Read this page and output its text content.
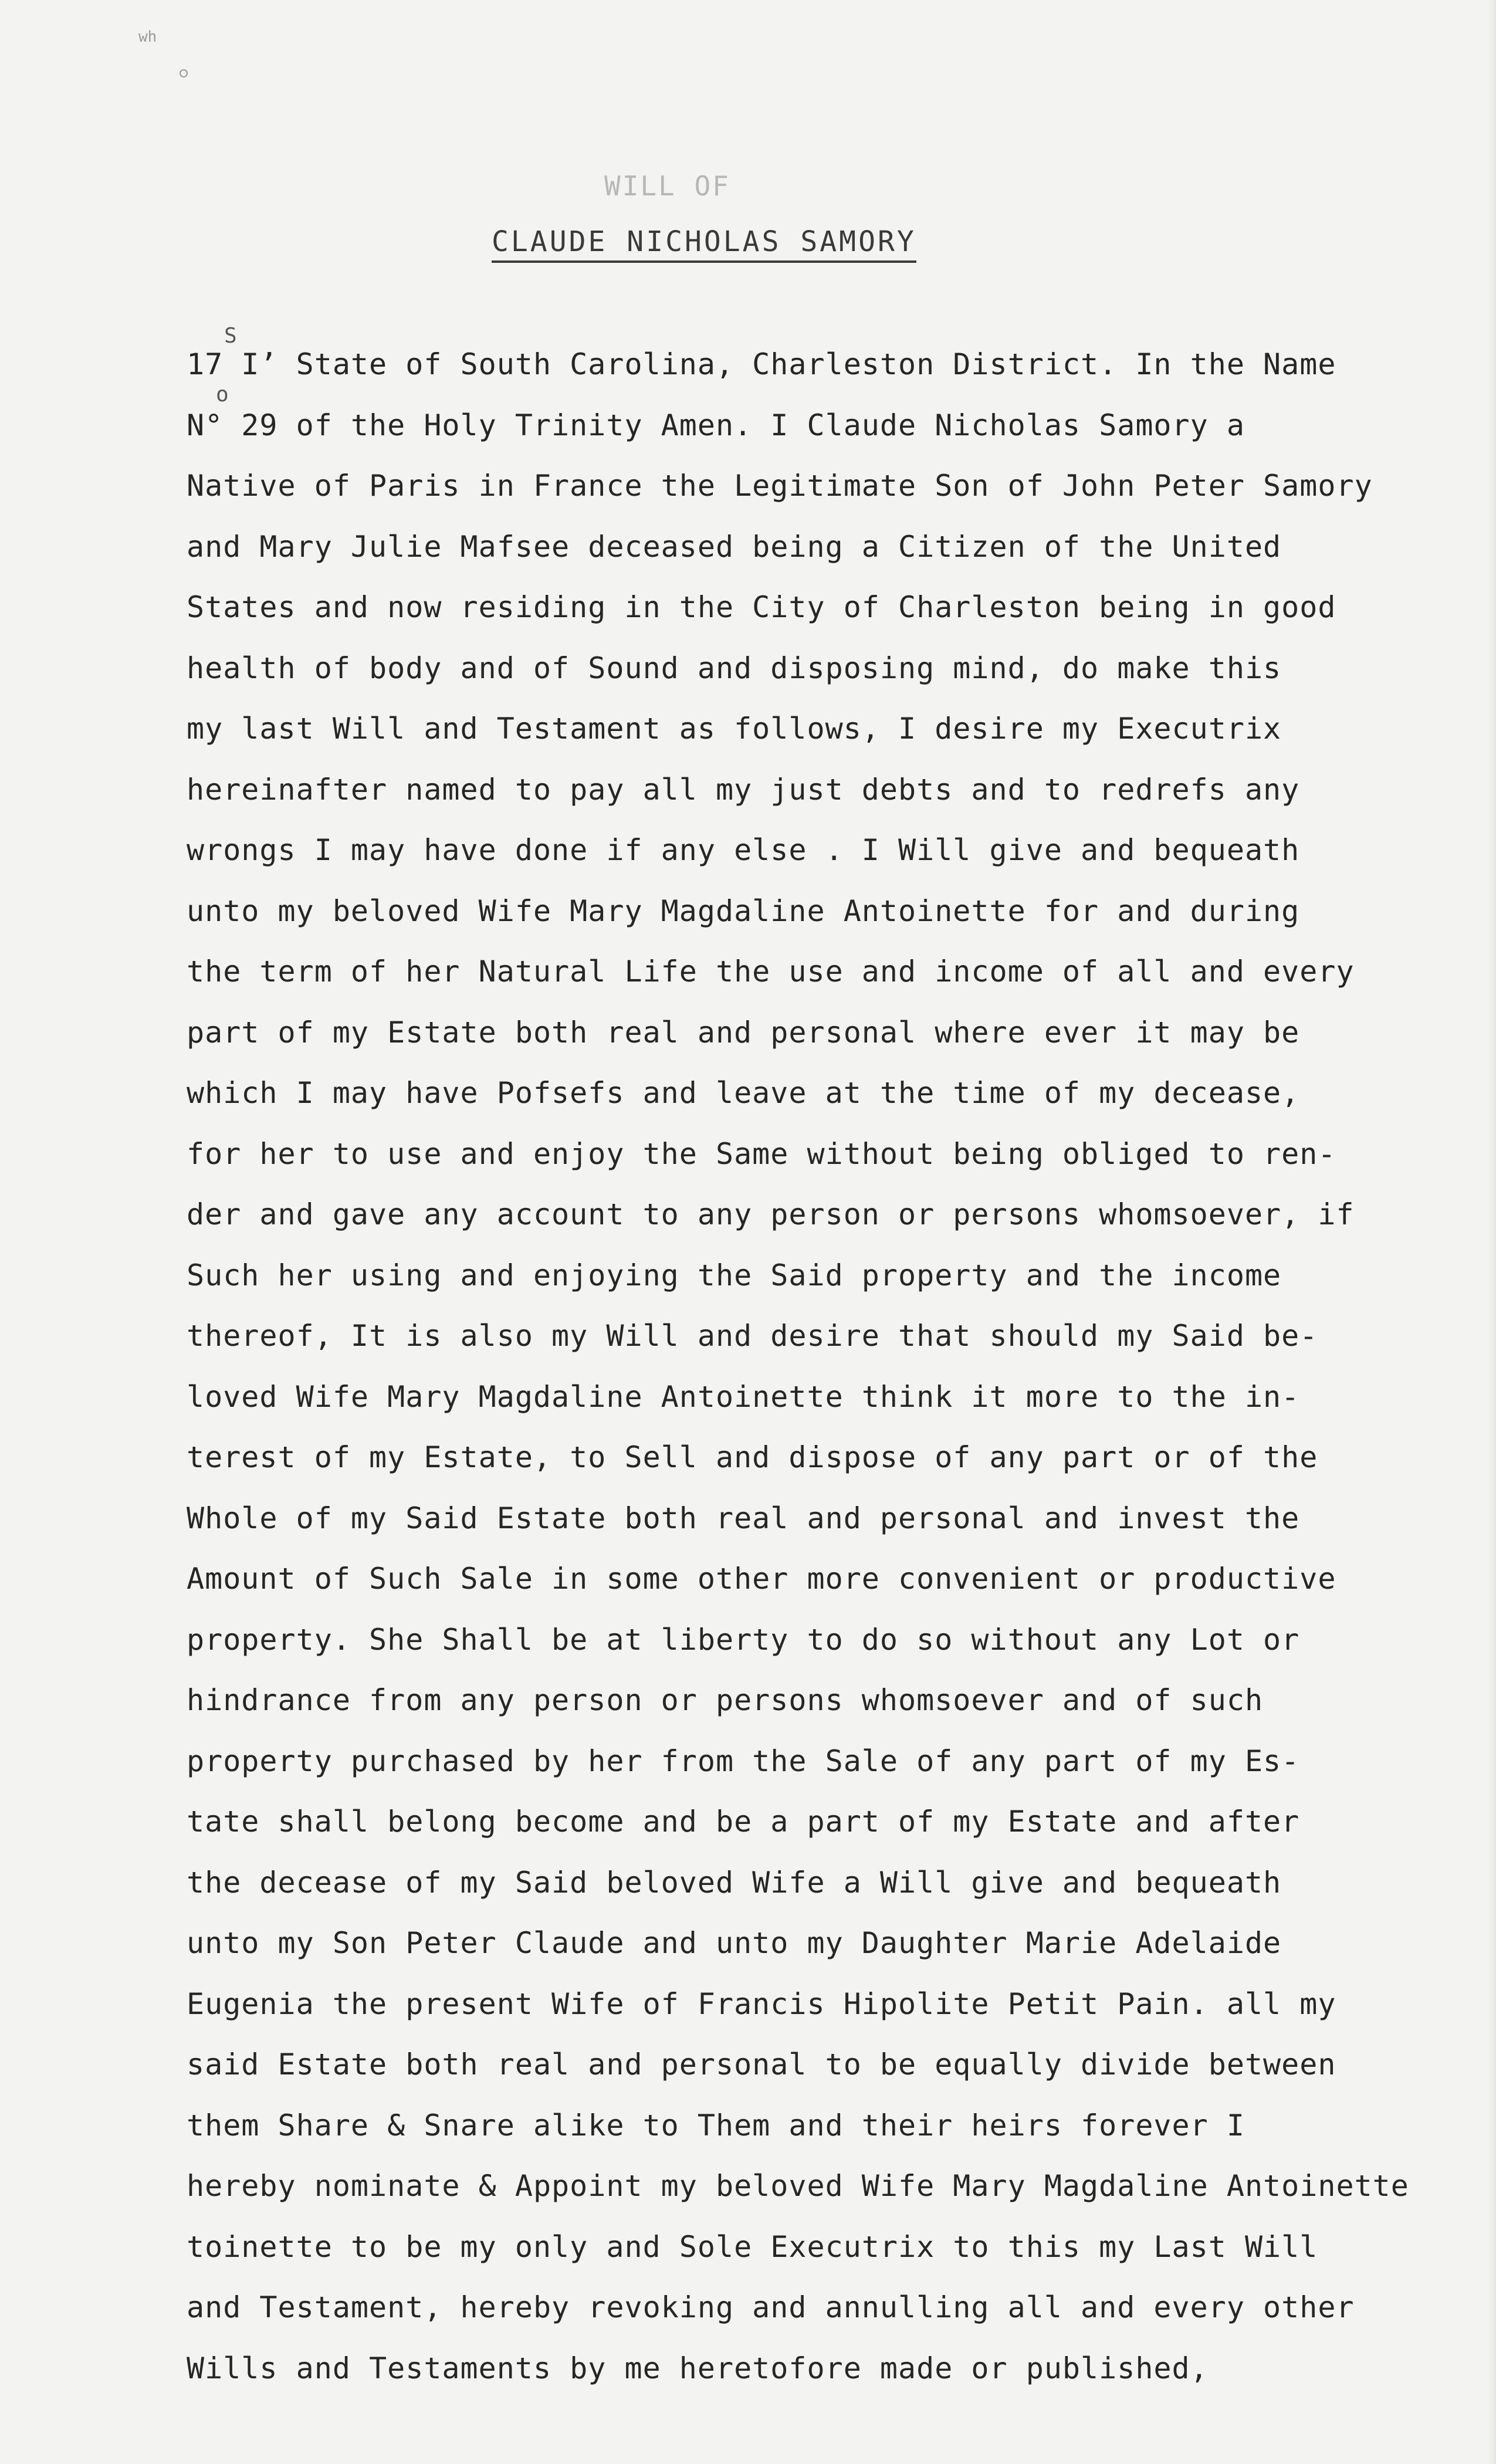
wh
WILL OF
CLAUDE NICHOLAS SAMORY
S
o
17 I’ State of South Carolina, Charleston District. In the Name
N° 29 of the Holy Trinity Amen. I Claude Nicholas Samory a
Native of Paris in France the Legitimate Son of John Peter Samory
and Mary Julie Mafsee deceased being a Citizen of the United
States and now residing in the City of Charleston being in good
health of body and of Sound and disposing mind, do make this
my last Will and Testament as follows, I desire my Executrix
hereinafter named to pay all my just debts and to redrefs any
wrongs I may have done if any else . I Will give and bequeath
unto my beloved Wife Mary Magdaline Antoinette for and during
the term of her Natural Life the use and income of all and every
part of my Estate both real and personal where ever it may be
which I may have Pofsefs and leave at the time of my decease,
for her to use and enjoy the Same without being obliged to ren-
der and gave any account to any person or persons whomsoever, if
Such her using and enjoying the Said property and the income
thereof, It is also my Will and desire that should my Said be-
loved Wife Mary Magdaline Antoinette think it more to the in-
terest of my Estate, to Sell and dispose of any part or of the
Whole of my Said Estate both real and personal and invest the
Amount of Such Sale in some other more convenient or productive
property. She Shall be at liberty to do so without any Lot or
hindrance from any person or persons whomsoever and of such
property purchased by her from the Sale of any part of my Es-
tate shall belong become and be a part of my Estate and after
the decease of my Said beloved Wife a Will give and bequeath
unto my Son Peter Claude and unto my Daughter Marie Adelaide
Eugenia the present Wife of Francis Hipolite Petit Pain. all my
said Estate both real and personal to be equally divide between
them Share & Snare alike to Them and their heirs forever I
hereby nominate & Appoint my beloved Wife Mary Magdaline Antoinette
toinette to be my only and Sole Executrix to this my Last Will
and Testament, hereby revoking and annulling all and every other
Wills and Testaments by me heretofore made or published,
